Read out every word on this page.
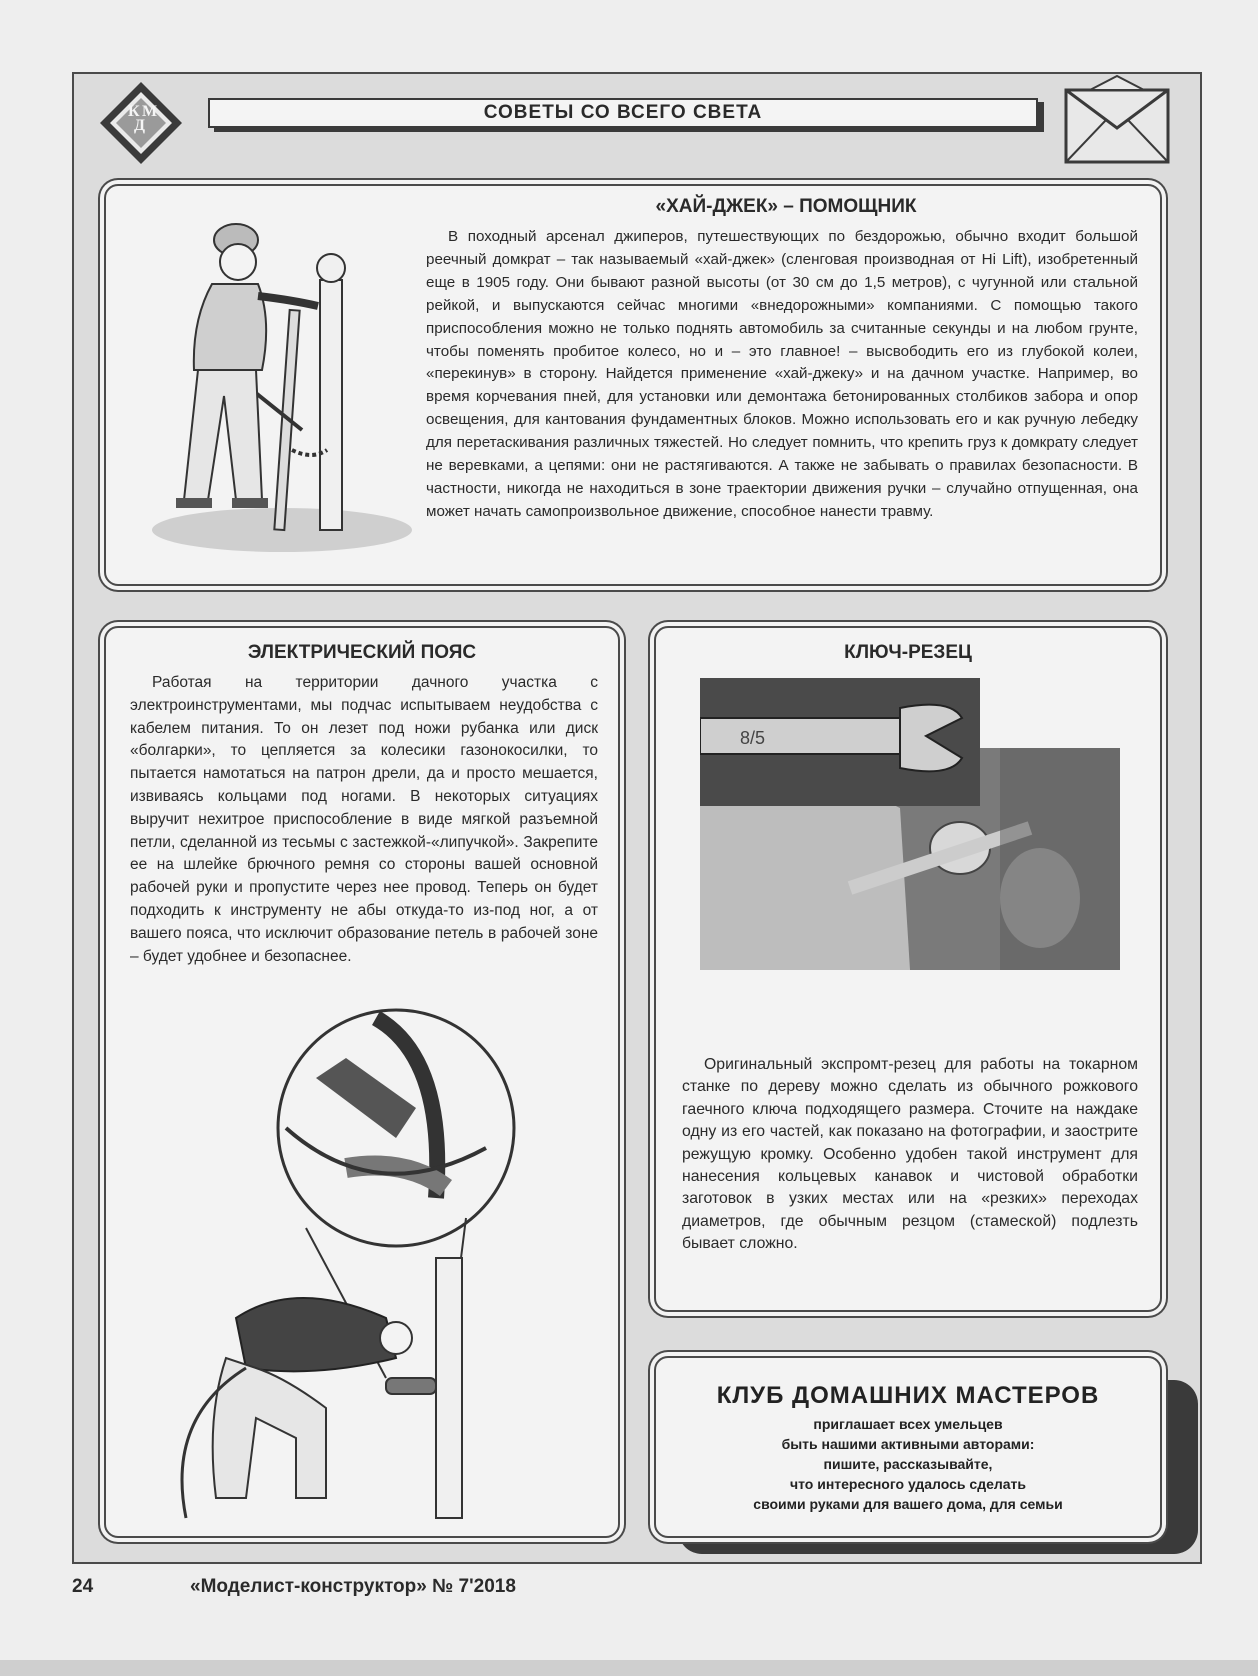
К
Д
М	СОВЕТЫ СО ВСЕГО СВЕТА
«ХАЙ-ДЖЕК» – ПОМОЩНИК
В походный арсенал джиперов, путешествующих по бездорожью, обычно входит большой реечный домкрат – так называемый «хай-джек» (сленговая производная от Hi Lift), изобретенный еще в 1905 году. Они бывают разной высоты (от 30 см до 1,5 метров), с чугунной или стальной рейкой, и выпускаются сейчас многими «внедорожными» компаниями. С помощью такого приспособления можно не только поднять автомобиль за считанные секунды и на любом грунте, чтобы поменять пробитое колесо, но и – это главное! – высвободить его из глубокой колеи, «перекинув» в сторону. Найдется применение «хай-джеку» и на дачном участке. Например, во время корчевания пней, для установки или демонтажа бетонированных столбиков забора и опор освещения, для кантования фундаментных блоков. Можно использовать его и как ручную лебедку для перетаскивания различных тяжестей. Но следует помнить, что крепить груз к домкрату следует не веревками, а цепями: они не растягиваются. А также не забывать о правилах безопасности. В частности, никогда не находиться в зоне траектории движения ручки – случайно отпущенная, она может начать самопроизвольное движение, способное нанести травму.
ЭЛЕКТРИЧЕСКИЙ ПОЯС
Работая на территории дачного участка с электроинструментами, мы подчас испытываем неудобства с кабелем питания. То он лезет под ножи рубанка или диск «болгарки», то цепляется за колесики газонокосилки, то пытается намотаться на патрон дрели, да и просто мешается, извиваясь кольцами под ногами. В некоторых ситуациях выручит нехитрое приспособление в виде мягкой разъемной петли, сделанной из тесьмы с застежкой-«липучкой». Закрепите ее на шлейке брючного ремня со стороны вашей основной рабочей руки и пропустите через нее провод. Теперь он будет подходить к инструменту не абы откуда-то из-под ног, а от вашего пояса, что исключит образование петель в рабочей зоне – будет удобнее и безопаснее.
КЛЮЧ-РЕЗЕЦ
8/5
Оригинальный экспромт-резец для работы на токарном станке по дереву можно сделать из обычного рожкового гаечного ключа подходящего размера. Сточите на наждаке одну из его частей, как показано на фотографии, и заострите режущую кромку. Особенно удобен такой инструмент для нанесения кольцевых канавок и чистовой обработки заготовок в узких местах или на «резких» переходах диаметров, где обычным резцом (стамеской) подлезть бывает сложно.
КЛУБ ДОМАШНИХ МАСТЕРОВ
приглашает всех умельцев
быть нашими активными авторами:
пишите, рассказывайте,
что интересного удалось сделать
своими руками для вашего дома, для семьи
24	«Моделист-конструктор» № 7'2018
